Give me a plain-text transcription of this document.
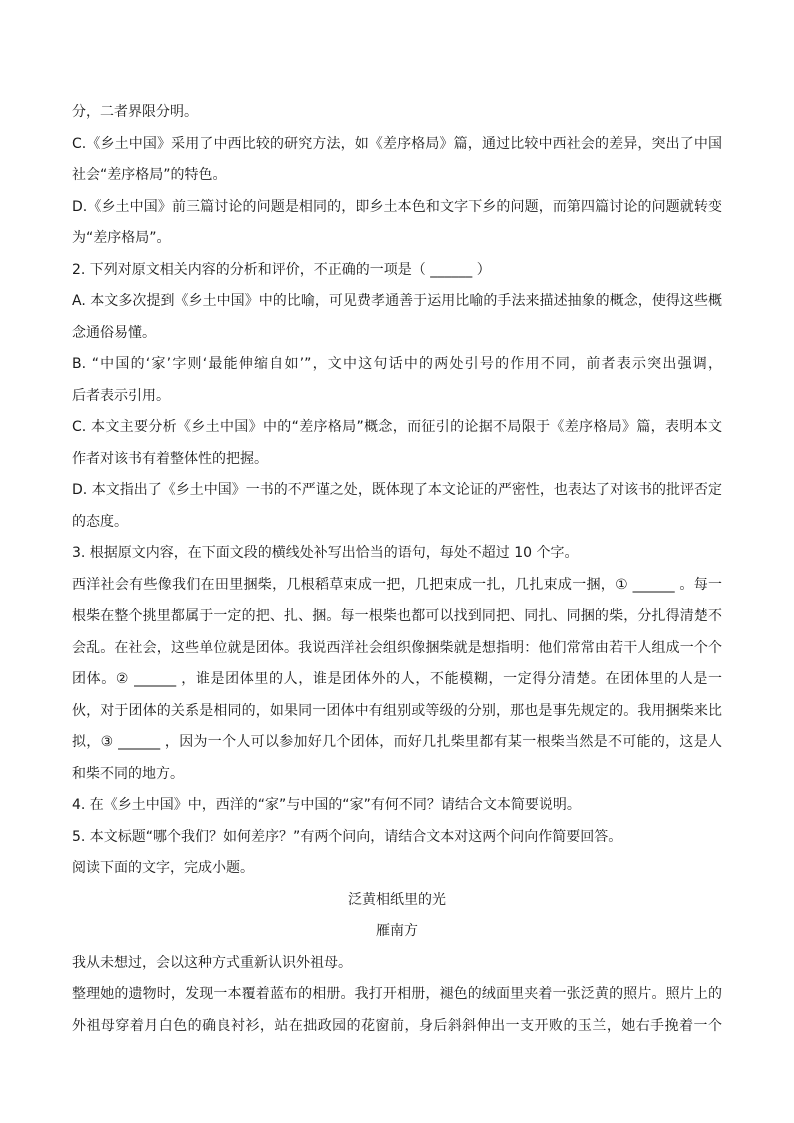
分，二者界限分明。
C.《乡土中国》采用了中西比较的研究方法，如《差序格局》篇，通过比较中西社会的差异，突出了中国
社会“差序格局”的特色。
D.《乡土中国》前三篇讨论的问题是相同的，即乡土本色和文字下乡的问题，而第四篇讨论的问题就转变
为“差序格局”。
2. 下列对原文相关内容的分析和评价，不正确的一项是（ ______ ）
A. 本文多次提到《乡土中国》中的比喻，可见费孝通善于运用比喻的手法来描述抽象的概念，使得这些概
念通俗易懂。
B. “中国的‘家’字则‘最能伸缩自如’”，文中这句话中的两处引号的作用不同，前者表示突出强调，
后者表示引用。
C. 本文主要分析《乡土中国》中的“差序格局”概念，而征引的论据不局限于《差序格局》篇，表明本文
作者对该书有着整体性的把握。
D. 本文指出了《乡土中国》一书的不严谨之处，既体现了本文论证的严密性，也表达了对该书的批评否定
的态度。
3. 根据原文内容，在下面文段的横线处补写出恰当的语句，每处不超过 10 个字。
西洋社会有些像我们在田里捆柴，几根稻草束成一把，几把束成一扎，几扎束成一捆，① ______ 。每一
根柴在整个挑里都属于一定的把、扎、捆。每一根柴也都可以找到同把、同扎、同捆的柴，分扎得清楚不
会乱。在社会，这些单位就是团体。我说西洋社会组织像捆柴就是想指明：他们常常由若干人组成一个个
团体。② ______ ，谁是团体里的人，谁是团体外的人，不能模糊，一定得分清楚。在团体里的人是一
伙，对于团体的关系是相同的，如果同一团体中有组别或等级的分别，那也是事先规定的。我用捆柴来比
拟，③ ______ ，因为一个人可以参加好几个团体，而好几扎柴里都有某一根柴当然是不可能的，这是人
和柴不同的地方。
4. 在《乡土中国》中，西洋的“家”与中国的“家”有何不同？请结合文本简要说明。
5. 本文标题“哪个我们？如何差序？”有两个问向，请结合文本对这两个问向作简要回答。
阅读下面的文字，完成小题。
泛黄相纸里的光
雁南方
我从未想过，会以这种方式重新认识外祖母。
整理她的遗物时，发现一本覆着蓝布的相册。我打开相册，褪色的绒面里夹着一张泛黄的照片。照片上的
外祖母穿着月白色的确良衬衫，站在拙政园的花窗前，身后斜斜伸出一支开败的玉兰，她右手挽着一个
